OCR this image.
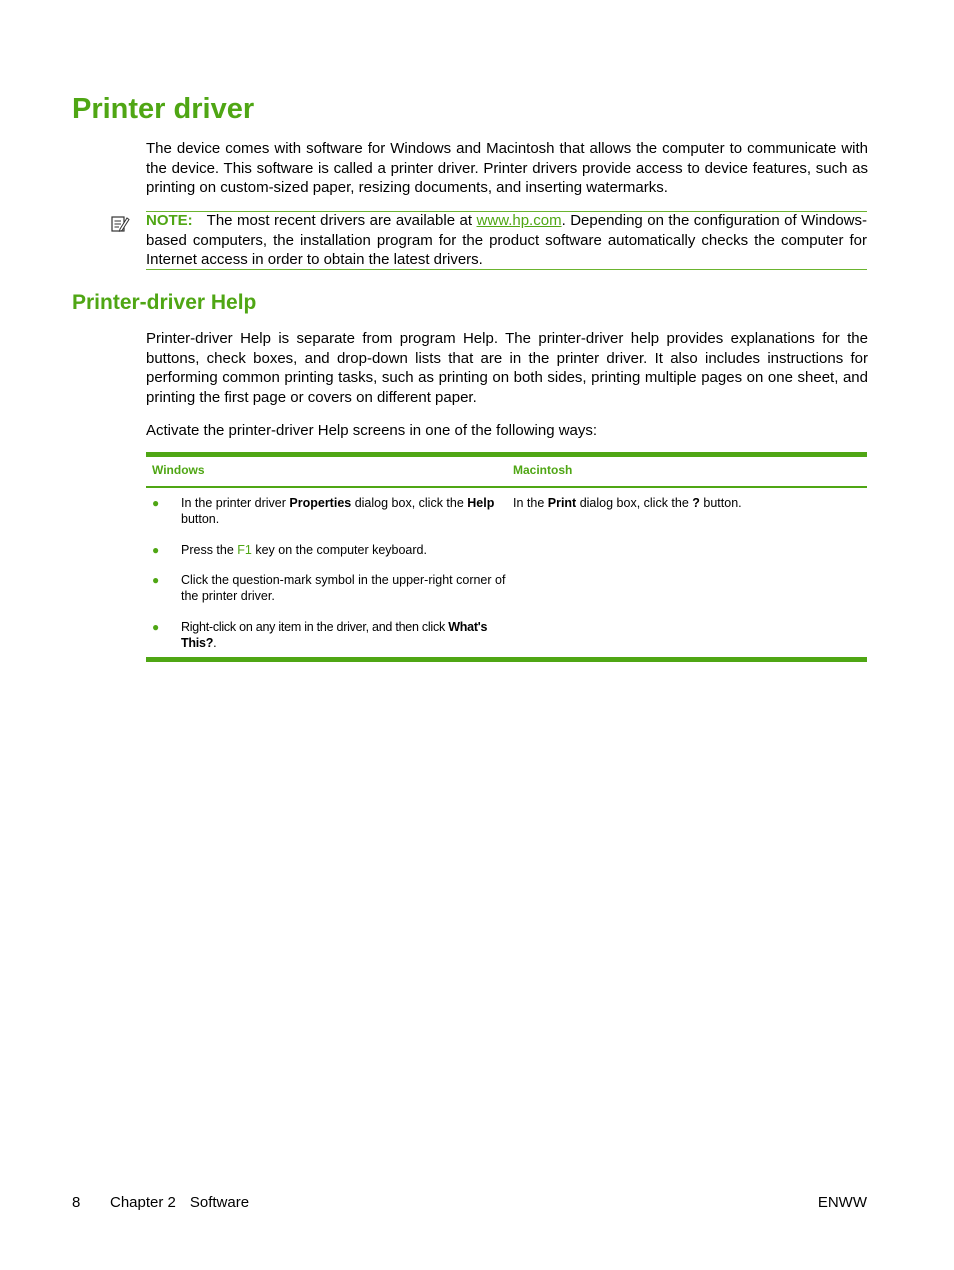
Printer driver

The device comes with software for Windows and Macintosh that allows the computer to communicate with the device. This software is called a printer driver. Printer drivers provide access to device features, such as printing on custom-sized paper, resizing documents, and inserting watermarks.

NOTE: The most recent drivers are available at www.hp.com. Depending on the configuration of Windows-based computers, the installation program for the product software automatically checks the computer for Internet access in order to obtain the latest drivers.
Printer-driver Help

Printer-driver Help is separate from program Help. The printer-driver help provides explanations for the buttons, check boxes, and drop-down lists that are in the printer driver. It also includes instructions for performing common printing tasks, such as printing on both sides, printing multiple pages on one sheet, and printing the first page or covers on different paper.

Activate the printer-driver Help screens in one of the following ways:

Windows	Macintosh
● In the printer driver Properties dialog box, click the Help button.
● Press the F1 key on the computer keyboard.
● Click the question-mark symbol in the upper-right corner of the printer driver.
● Right-click on any item in the driver, and then click What's This?.
In the Print dialog box, click the ? button.
8 Chapter 2 Software	ENWW
